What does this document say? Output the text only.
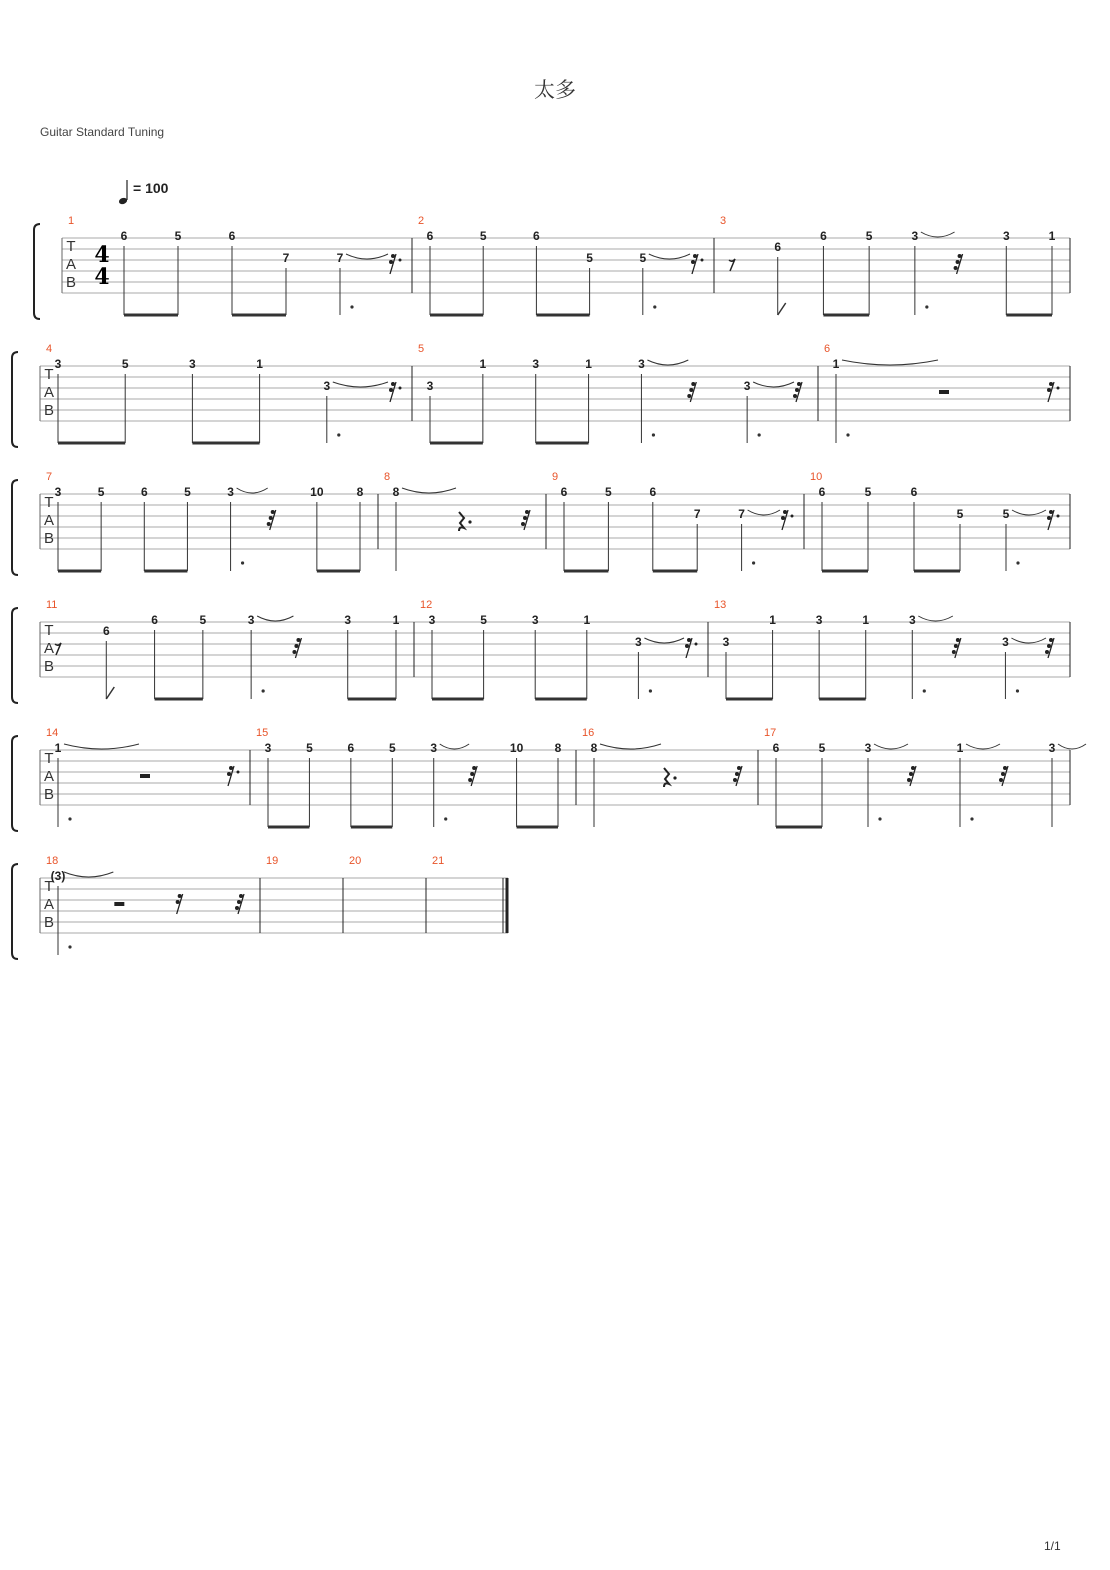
太多
Guitar Standard Tuning
= 100
T
A
B
1
4
4
6	5	6
7	7
2
6	5	6
5	5
3
6
6	5	3	3	1
T
A
B
4
3	5	3	1
3
5
3
1	3	1	3
3
6
1
T
A
B
7
3	5	6	5	3	10	8
8
8
9
6	5	6
7	7
10
6	5	6
5	5
T
A
B
11
6
6	5	3	3	1
12
3	5	3	1
3
13
3
1	3	1	3
3
T
A
B
14
1
15
3	5	6	5	3	10	8
16
8
17
6	5	3	1	3
T
A
B
18
(3)
19	20	21
1/1
